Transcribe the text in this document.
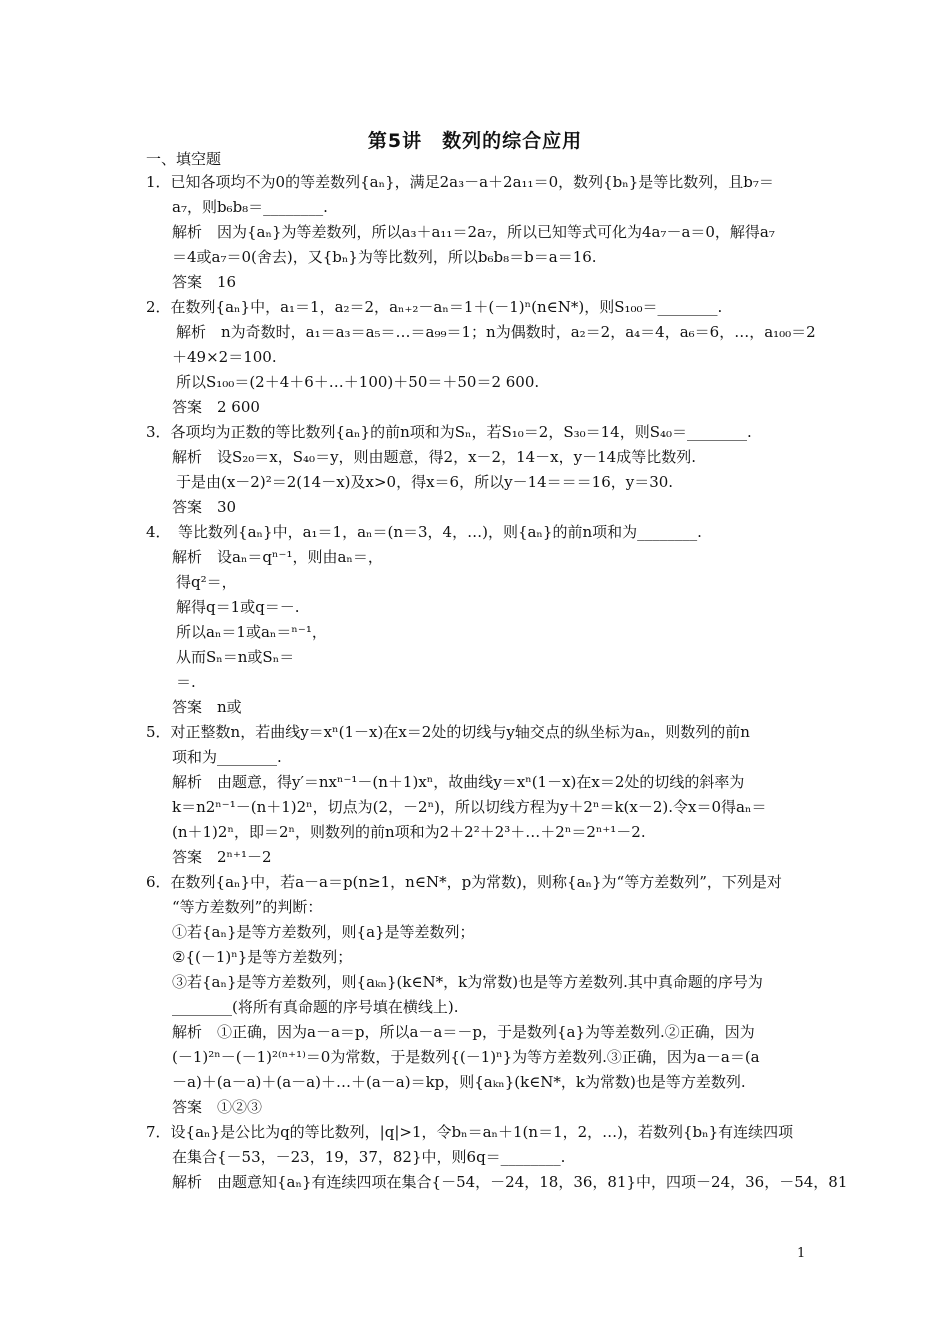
第5讲　数列的综合应用
一、填空题
1．已知各项均不为0的等差数列{aₙ}，满足2a₃－a＋2a₁₁＝0，数列{bₙ}是等比数列，且b₇＝
a₇，则b₆b₈＝________.
解析　因为{aₙ}为等差数列，所以a₃＋a₁₁＝2a₇，所以已知等式可化为4a₇－a＝0，解得a₇
＝4或a₇＝0(舍去)，又{bₙ}为等比数列，所以b₆b₈＝b＝a＝16.
答案　16
2．在数列{aₙ}中，a₁＝1，a₂＝2，aₙ₊₂－aₙ＝1＋(－1)ⁿ(n∈N*)，则S₁₀₀＝________.
解析　n为奇数时，a₁＝a₃＝a₅＝…＝a₉₉＝1；n为偶数时，a₂＝2，a₄＝4，a₆＝6，…，a₁₀₀＝2
＋49×2＝100.
所以S₁₀₀＝(2＋4＋6＋…＋100)＋50＝＋50＝2 600.
答案　2 600
3．各项均为正数的等比数列{aₙ}的前n项和为Sₙ，若S₁₀＝2，S₃₀＝14，则S₄₀＝________.
解析　设S₂₀＝x，S₄₀＝y，则由题意，得2，x－2，14－x，y－14成等比数列.
于是由(x－2)²＝2(14－x)及x>0，得x＝6，所以y－14＝＝＝16，y＝30.
答案　30
4．　等比数列{aₙ}中，a₁＝1，aₙ＝(n＝3，4，…)，则{aₙ}的前n项和为________.
解析　设aₙ＝qⁿ⁻¹，则由aₙ＝，
得q²＝，
解得q＝1或q＝－.
所以aₙ＝1或aₙ＝ⁿ⁻¹，
从而Sₙ＝n或Sₙ＝
＝.
答案　n或
5．对正整数n，若曲线y＝xⁿ(1－x)在x＝2处的切线与y轴交点的纵坐标为aₙ，则数列的前n
项和为________.
解析　由题意，得y′＝nxⁿ⁻¹－(n＋1)xⁿ，故曲线y＝xⁿ(1－x)在x＝2处的切线的斜率为
k＝n2ⁿ⁻¹－(n＋1)2ⁿ，切点为(2，－2ⁿ)，所以切线方程为y＋2ⁿ＝k(x－2).令x＝0得aₙ＝
(n＋1)2ⁿ，即＝2ⁿ，则数列的前n项和为2＋2²＋2³＋…＋2ⁿ＝2ⁿ⁺¹－2.
答案　2ⁿ⁺¹－2
6．在数列{aₙ}中，若a－a＝p(n≥1，n∈N*，p为常数)，则称{aₙ}为“等方差数列”，下列是对
“等方差数列”的判断：
①若{aₙ}是等方差数列，则{a}是等差数列；
②{(－1)ⁿ}是等方差数列；
③若{aₙ}是等方差数列，则{aₖₙ}(k∈N*，k为常数)也是等方差数列.其中真命题的序号为
________(将所有真命题的序号填在横线上).
解析　①正确，因为a－a＝p，所以a－a＝－p，于是数列{a}为等差数列.②正确，因为
(－1)²ⁿ－(－1)²⁽ⁿ⁺¹⁾＝0为常数，于是数列{(－1)ⁿ}为等方差数列.③正确，因为a－a＝(a
－a)＋(a－a)＋(a－a)＋…＋(a－a)＝kp，则{aₖₙ}(k∈N*，k为常数)也是等方差数列.
答案　①②③
7．设{aₙ}是公比为q的等比数列，|q|>1，令bₙ＝aₙ＋1(n＝1，2，…)，若数列{bₙ}有连续四项
在集合{－53，－23，19，37，82}中，则6q＝________.
解析　由题意知{aₙ}有连续四项在集合{－54，－24，18，36，81}中，四项－24，36，－54，81
1
